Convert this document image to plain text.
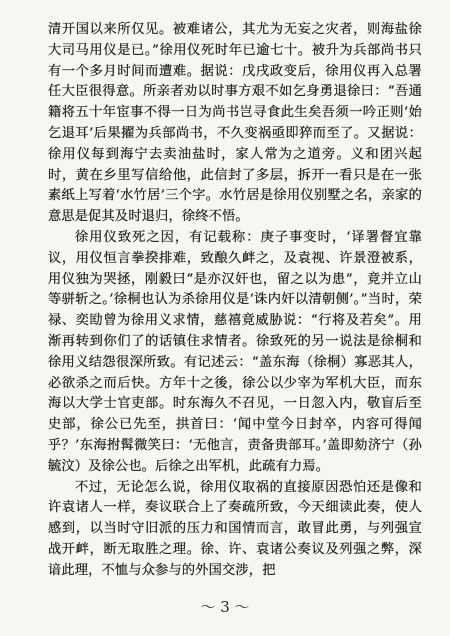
清开国以来所仅见。被难诸公，其尤为无妄之灾者，则海盐徐大司马用仪是已。”徐用仪死时年已逾七十。被升为兵部尚书只有一个多月时间而遭难。据说：戊戌政变后，徐用仪再入总署任大臣很得意。所亲者劝以时事方艰不如乞身勇退徐曰：“吾通籍将五十年宦事不得一日为尚书岂寻食此生矣吾须一吟正则‘始乞退耳’后果擢为兵部尚书，不久变祸亟即猝而至了。又据说：徐用仪每到海宁去卖油盐时，家人常为之道旁。义和团兴起时，黄在乡里写信给他，此信封了多层，拆开一看只是在一张素纸上写着‘水竹居’三个字。水竹居是徐用仪别墅之名，亲家的意思是促其及时退归，徐终不悟。

徐用仪致死之因，有记载称：庚子事变时，‘译署督宜靠议，用仪恒言拳揆排难，致酿久衅之，及袁视、许景澄被系，用仪独为哭拯，刚毅曰“是亦汉奸也，留之以为患”，竟并立山等骈斩之。’徐桐也认为杀徐用仪是‘诛内奸以清朝侧’。”当时，荣禄、奕劻曾为徐用义求情，慈禧竟威胁说：“行将及若矣”。用渐再转到你们了的话镇住求情者。徐致死的另一说法是徐桐和徐用义结怨很深所致。有记述云：“盖东海（徐桐）寡恶其人，必欲杀之而后快。方年十之後，徐公以少宰为军机大臣，而东海以大学士官吏部。时东海久不召见，一日忽入内，敬盲后至史部，徐公已先至，拱首曰：‘闻中堂今日封卒，内容可得闻乎？’东海拊髯微笑曰：‘无他言，责备贵部耳。’盖即劾济宁（孙毓汶）及徐公也。后徐之出军机，此疏有力焉。

不过，无论怎么说，徐用仪取祸的直接原因恐怕还是像和许袁诸人一样，奏议联合上了奏疏所致，今天细读此奏，使人感到，以当时守旧派的压力和国情而言，敢冒此勇，与列强宣战开衅，断无取胜之理。徐、许、袁诸公奏议及列强之弊，深谙此理，不恤与众参与的外国交涉，把

～ 3 ～
